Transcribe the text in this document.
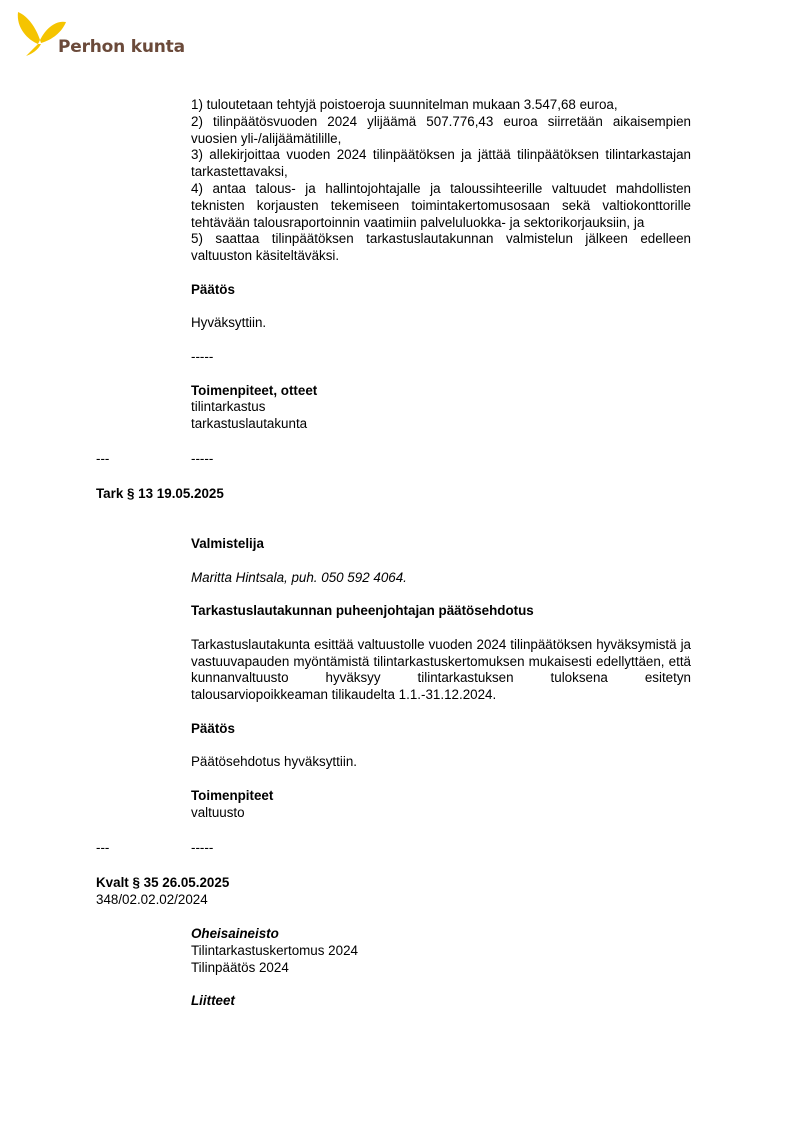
Perhon kunta

1) tuloutetaan tehtyjä poistoeroja suunnitelman mukaan 3.547,68 euroa,

2) tilinpäätösvuoden 2024 ylijäämä 507.776,43 euroa siirretään aikaisempien vuosien yli-/alijäämätilille,

3) allekirjoittaa vuoden 2024 tilinpäätöksen ja jättää tilinpäätöksen tilintarkastajan tarkastettavaksi,

4) antaa talous- ja hallintojohtajalle ja taloussihteerille valtuudet mahdollisten teknisten korjausten tekemiseen toimintakertomusosaan sekä valtiokonttorille tehtävään talousraportoinnin vaatimiin palveluluokka- ja sektorikorjauksiin, ja

5) saattaa tilinpäätöksen tarkastuslautakunnan valmistelun jälkeen edelleen valtuuston käsiteltäväksi.

Päätös

Hyväksyttiin.

-----

Toimenpiteet, otteet

tilintarkastus

tarkastuslautakunta

---	-----
Tark § 13 19.05.2025

Valmistelija

Maritta Hintsala, puh. 050 592 4064.

Tarkastuslautakunnan puheenjohtajan päätösehdotus

Tarkastuslautakunta esittää valtuustolle vuoden 2024 tilinpäätöksen hyväksymistä ja vastuuvapauden myöntämistä tilintarkastuskertomuksen mukaisesti edellyttäen, että kunnanvaltuusto hyväksyy tilintarkastuksen tuloksena esitetyn talousarviopoikkeaman tilikaudelta 1.1.-31.12.2024.

Päätös

Päätösehdotus hyväksyttiin.

Toimenpiteet

valtuusto

---	-----
Kvalt § 35 26.05.2025
348/02.02.02/2024

Oheisaineisto

Tilintarkastuskertomus 2024

Tilinpäätös 2024

Liitteet
